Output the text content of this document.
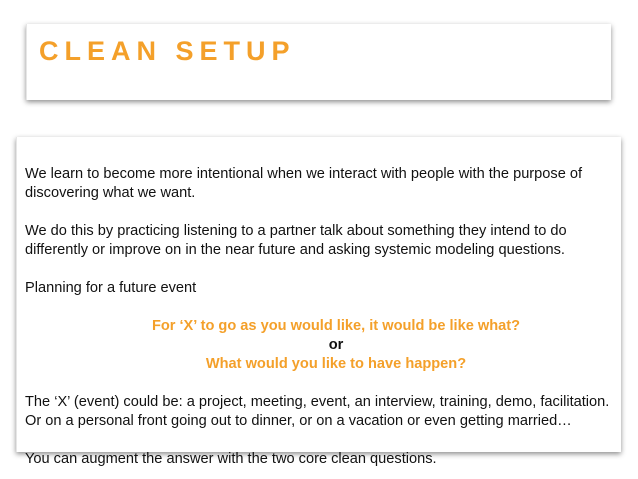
CLEAN SETUP

We learn to become more intentional when we interact with people with the purpose of

discovering what we want.

We do this by practicing listening to a partner talk about something they intend to do

differently or improve on in the near future and asking systemic modeling questions.

Planning for a future event

For ‘X’ to go as you would like, it would be like what?

or

What would you like to have happen?

The ‘X’ (event) could be: a project, meeting, event, an interview, training, demo, facilitation.

Or on a personal front going out to dinner, or on a vacation or even getting married…

You can augment the answer with the two core clean questions.
